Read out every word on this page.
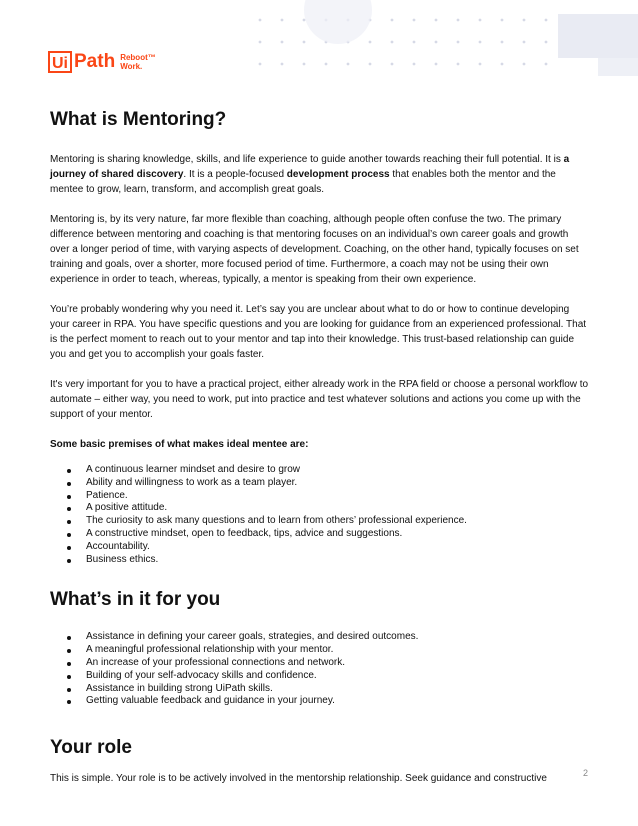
Ui Path Reboot™
Work.
What is Mentoring?

Mentoring is sharing knowledge, skills, and life experience to guide another towards reaching their full potential. It is a journey of shared discovery. It is a people-focused development process that enables both the mentor and the mentee to grow, learn, transform, and accomplish great goals.

Mentoring is, by its very nature, far more flexible than coaching, although people often confuse the two. The primary difference between mentoring and coaching is that mentoring focuses on an individual’s own career goals and growth over a longer period of time, with varying aspects of development. Coaching, on the other hand, typically focuses on set training and goals, over a shorter, more focused period of time. Furthermore, a coach may not be using their own experience in order to teach, whereas, typically, a mentor is speaking from their own experience.

You’re probably wondering why you need it. Let’s say you are unclear about what to do or how to continue developing your career in RPA. You have specific questions and you are looking for guidance from an experienced professional. That is the perfect moment to reach out to your mentor and tap into their knowledge. This trust-based relationship can guide you and get you to accomplish your goals faster.

It's very important for you to have a practical project, either already work in the RPA field or choose a personal workflow to automate – either way, you need to work, put into practice and test whatever solutions and actions you come up with the support of your mentor.

Some basic premises of what makes ideal mentee are:

A continuous learner mindset and desire to grow
Ability and willingness to work as a team player.
Patience.
A positive attitude.
The curiosity to ask many questions and to learn from others’ professional experience.
A constructive mindset, open to feedback, tips, advice and suggestions.
Accountability.
Business ethics.
What’s in it for you
Assistance in defining your career goals, strategies, and desired outcomes.
A meaningful professional relationship with your mentor.
An increase of your professional connections and network.
Building of your self-advocacy skills and confidence.
Assistance in building strong UiPath skills.
Getting valuable feedback and guidance in your journey.
Your role

This is simple. Your role is to be actively involved in the mentorship relationship. Seek guidance and constructive

2
